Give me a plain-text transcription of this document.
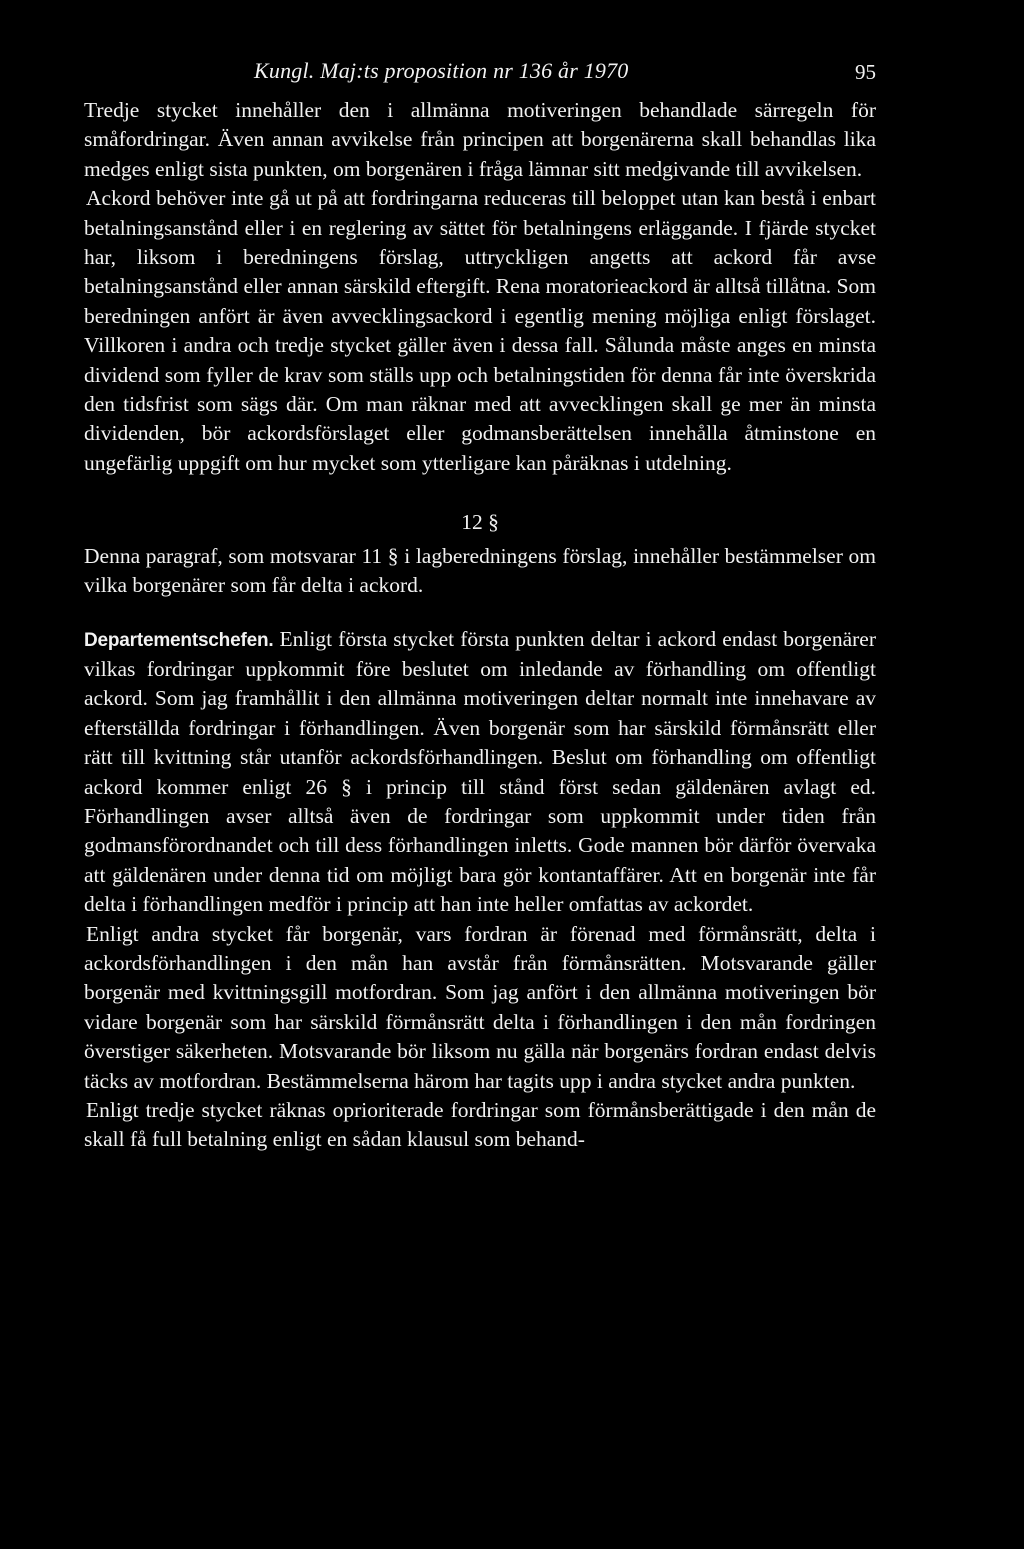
Kungl. Maj:ts proposition nr 136 år 1970	95

Tredje stycket innehåller den i allmänna motiveringen behandlade särregeln för småfordringar. Även annan avvikelse från principen att borgenärerna skall behandlas lika medges enligt sista punkten, om borgenären i fråga lämnar sitt medgivande till avvikelsen.

Ackord behöver inte gå ut på att fordringarna reduceras till beloppet utan kan bestå i enbart betalningsanstånd eller i en reglering av sättet för betalningens erläggande. I fjärde stycket har, liksom i beredningens förslag, uttryckligen angetts att ackord får avse betalningsanstånd eller annan särskild eftergift. Rena moratorieackord är alltså tillåtna. Som beredningen anfört är även avvecklingsackord i egentlig mening möjliga enligt förslaget. Villkoren i andra och tredje stycket gäller även i dessa fall. Sålunda måste anges en minsta dividend som fyller de krav som ställs upp och betalningstiden för denna får inte överskrida den tidsfrist som sägs där. Om man räknar med att avvecklingen skall ge mer än minsta dividenden, bör ackordsförslaget eller godmansberättelsen innehålla åtminstone en ungefärlig uppgift om hur mycket som ytterligare kan påräknas i utdelning.

12 §

Denna paragraf, som motsvarar 11 § i lagberedningens förslag, innehåller bestämmelser om vilka borgenärer som får delta i ackord.

Departementschefen. Enligt första stycket första punkten deltar i ackord endast borgenärer vilkas fordringar uppkommit före beslutet om inledande av förhandling om offentligt ackord. Som jag framhållit i den allmänna motiveringen deltar normalt inte innehavare av efterställda fordringar i förhandlingen. Även borgenär som har särskild förmånsrätt eller rätt till kvittning står utanför ackordsförhandlingen. Beslut om förhandling om offentligt ackord kommer enligt 26 § i princip till stånd först sedan gäldenären avlagt ed. Förhandlingen avser alltså även de fordringar som uppkommit under tiden från godmansförordnandet och till dess förhandlingen inletts. Gode mannen bör därför övervaka att gäldenären under denna tid om möjligt bara gör kontantaffärer. Att en borgenär inte får delta i förhandlingen medför i princip att han inte heller omfattas av ackordet.

Enligt andra stycket får borgenär, vars fordran är förenad med förmånsrätt, delta i ackordsförhandlingen i den mån han avstår från förmånsrätten. Motsvarande gäller borgenär med kvittningsgill motfordran. Som jag anfört i den allmänna motiveringen bör vidare borgenär som har särskild förmånsrätt delta i förhandlingen i den mån fordringen överstiger säkerheten. Motsvarande bör liksom nu gälla när borgenärs fordran endast delvis täcks av motfordran. Bestämmelserna härom har tagits upp i andra stycket andra punkten.

Enligt tredje stycket räknas oprioriterade fordringar som förmånsberättigade i den mån de skall få full betalning enligt en sådan klausul som behand-
